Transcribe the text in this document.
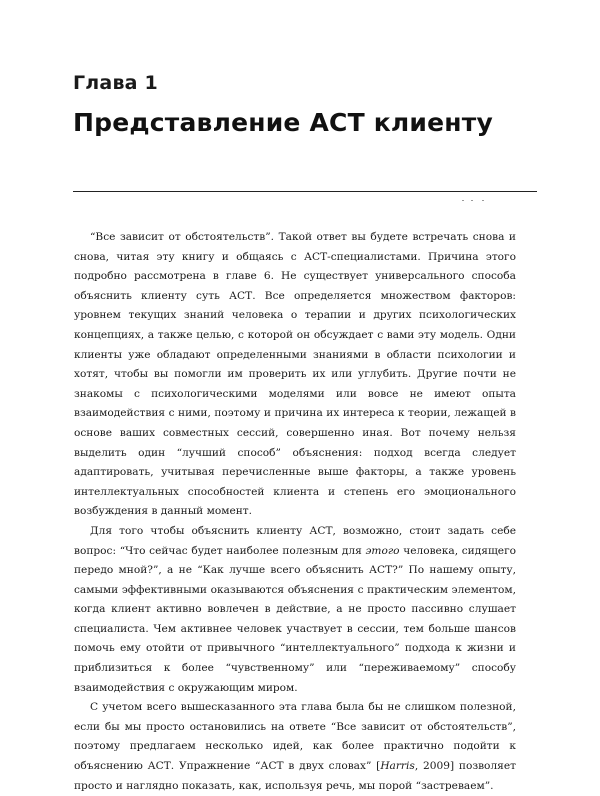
Глава 1
Представление АСТ клиенту

“Все зависит от обстоятельств”. Такой ответ вы будете встречать снова и снова, читая эту книгу и общаясь с АСТ-специалистами. Причина этого подробно рассмотрена в главе 6. Не существует универсального способа объяснить клиенту суть АСТ. Все определяется множеством факторов: уровнем текущих знаний человека о терапии и других психологических концепциях, а также целью, с которой он обсуждает с вами эту модель. Одни клиенты уже обладают определенными знаниями в области психологии и хотят, чтобы вы помогли им проверить их или углубить. Другие почти не знакомы с психологическими моделями или вовсе не имеют опыта взаимодействия с ними, поэтому и причина их интереса к теории, лежащей в основе ваших совместных сессий, совершенно иная. Вот почему нельзя выделить один “лучший способ” объяснения: подход всегда следует адаптировать, учитывая перечисленные выше факторы, а также уровень интеллектуальных способностей клиента и степень его эмоционального возбуждения в данный момент.

Для того чтобы объяснить клиенту АСТ, возможно, стоит задать себе вопрос: “Что сейчас будет наиболее полезным для этого человека, сидящего передо мной?”, а не “Как лучше всего объяснить АСТ?” По нашему опыту, самыми эффективными оказываются объяснения с практическим элементом, когда клиент активно вовлечен в действие, а не просто пассивно слушает специалиста. Чем активнее человек участвует в сессии, тем больше шансов помочь ему отойти от привычного “интеллектуального” подхода к жизни и приблизиться к более “чувственному” или “переживаемому” способу взаимодействия с окружающим миром.

С учетом всего вышесказанного эта глава была бы не слишком полезной, если бы мы просто остановились на ответе “Все зависит от обстоятельств”, поэтому предлагаем несколько идей, как более практично подойти к объяснению АСТ. Упражнение “АСТ в двух словах” [Harris, 2009] позволяет просто и наглядно показать, как, используя речь, мы порой “застреваем”.
